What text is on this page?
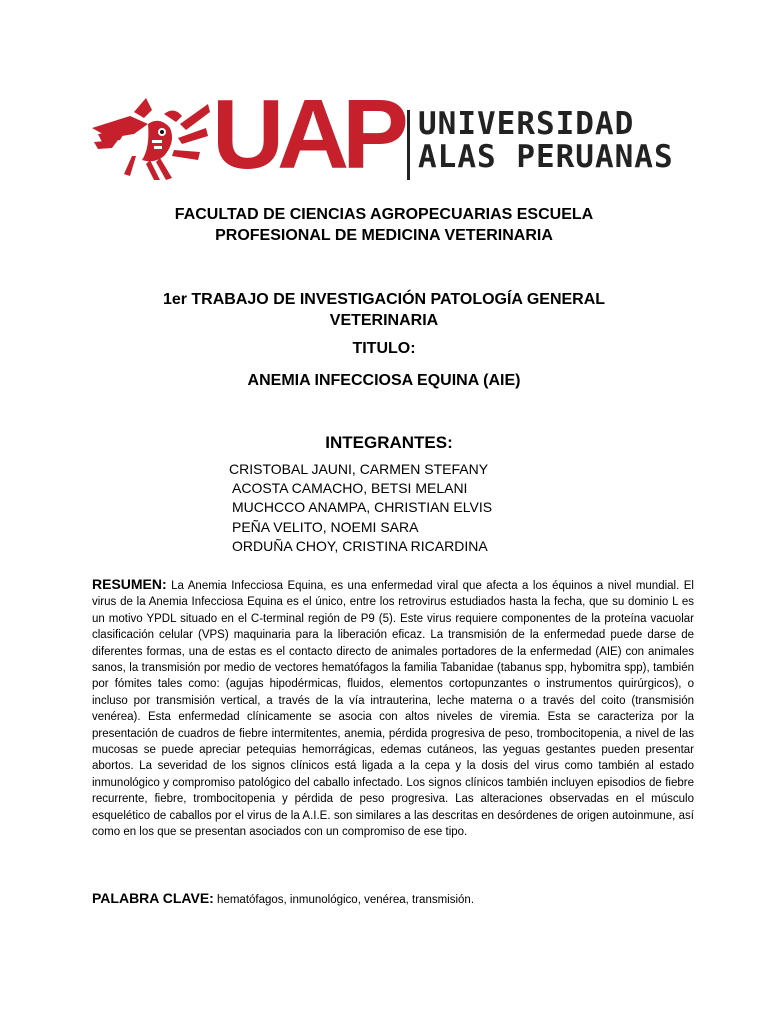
UAP UNIVERSIDAD
ALAS PERUANAS
FACULTAD DE CIENCIAS AGROPECUARIAS ESCUELA
PROFESIONAL DE MEDICINA VETERINARIA
1er TRABAJO DE INVESTIGACIÓN PATOLOGÍA GENERAL
VETERINARIA
TITULO:
ANEMIA INFECCIOSA EQUINA (AIE)
INTEGRANTES:
CRISTOBAL JAUNI, CARMEN STEFANY
ACOSTA CAMACHO, BETSI MELANI
MUCHCCO ANAMPA, CHRISTIAN ELVIS
PEÑA VELITO, NOEMI SARA
ORDUÑA CHOY, CRISTINA RICARDINA
RESUMEN: La Anemia Infecciosa Equina, es una enfermedad viral que afecta a los équinos a nivel mundial. El virus de la Anemia Infecciosa Equina es el único, entre los retrovirus estudiados hasta la fecha, que su dominio L es un motivo YPDL situado en el C-terminal región de P9 (5). Este virus requiere componentes de la proteína vacuolar clasificación celular (VPS) maquinaria para la liberación eficaz. La transmisión de la enfermedad puede darse de diferentes formas, una de estas es el contacto directo de animales portadores de la enfermedad (AIE) con animales sanos, la transmisión por medio de vectores hematófagos la familia Tabanidae (tabanus spp, hybomitra spp), también por fómites tales como: (agujas hipodérmicas, fluidos, elementos cortopunzantes o instrumentos quirúrgicos), o incluso por transmisión vertical, a través de la vía intrauterina, leche materna o a través del coito (transmisión venérea). Esta enfermedad clínicamente se asocia con altos niveles de viremia. Esta se caracteriza por la presentación de cuadros de fiebre intermitentes, anemia, pérdida progresiva de peso, trombocitopenia, a nivel de las mucosas se puede apreciar petequias hemorrágicas, edemas cutáneos, las yeguas gestantes pueden presentar abortos. La severidad de los signos clínicos está ligada a la cepa y la dosis del virus como también al estado inmunológico y compromiso patológico del caballo infectado. Los signos clínicos también incluyen episodios de fiebre recurrente, fiebre, trombocitopenia y pérdida de peso progresiva. Las alteraciones observadas en el músculo esquelético de caballos por el virus de la A.I.E. son similares a las descritas en desórdenes de origen autoinmune, así como en los que se presentan asociados con un compromiso de ese tipo.
PALABRA CLAVE: hematófagos, inmunológico, venérea, transmisión.
